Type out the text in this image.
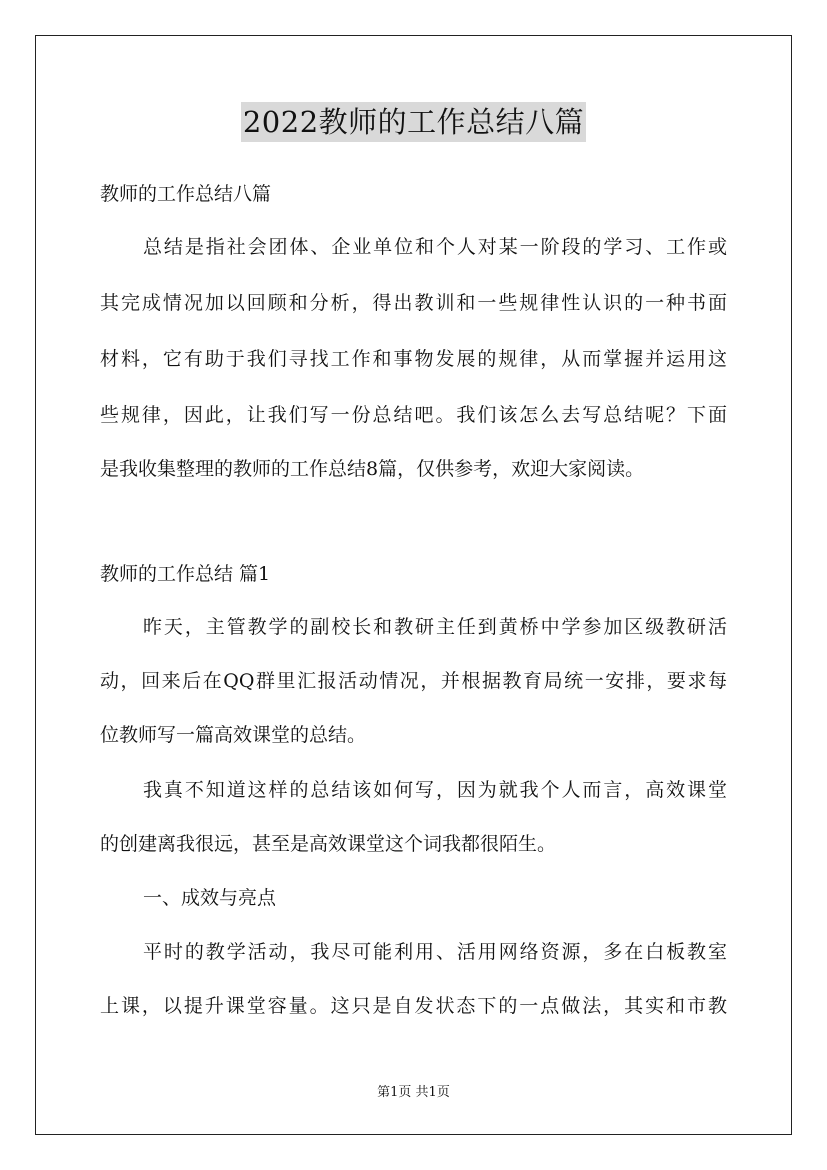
2022教师的工作总结八篇
教师的工作总结八篇
总结是指社会团体、企业单位和个人对某一阶段的学习、工作或
其完成情况加以回顾和分析，得出教训和一些规律性认识的一种书面
材料，它有助于我们寻找工作和事物发展的规律，从而掌握并运用这
些规律，因此，让我们写一份总结吧。我们该怎么去写总结呢？下面
是我收集整理的教师的工作总结8篇，仅供参考，欢迎大家阅读。
教师的工作总结 篇1
昨天，主管教学的副校长和教研主任到黄桥中学参加区级教研活
动，回来后在QQ群里汇报活动情况，并根据教育局统一安排，要求每
位教师写一篇高效课堂的总结。
我真不知道这样的总结该如何写，因为就我个人而言，高效课堂
的创建离我很远，甚至是高效课堂这个词我都很陌生。
一、成效与亮点
平时的教学活动，我尽可能利用、活用网络资源，多在白板教室
上课，以提升课堂容量。这只是自发状态下的一点做法，其实和市教
第1页 共1页
